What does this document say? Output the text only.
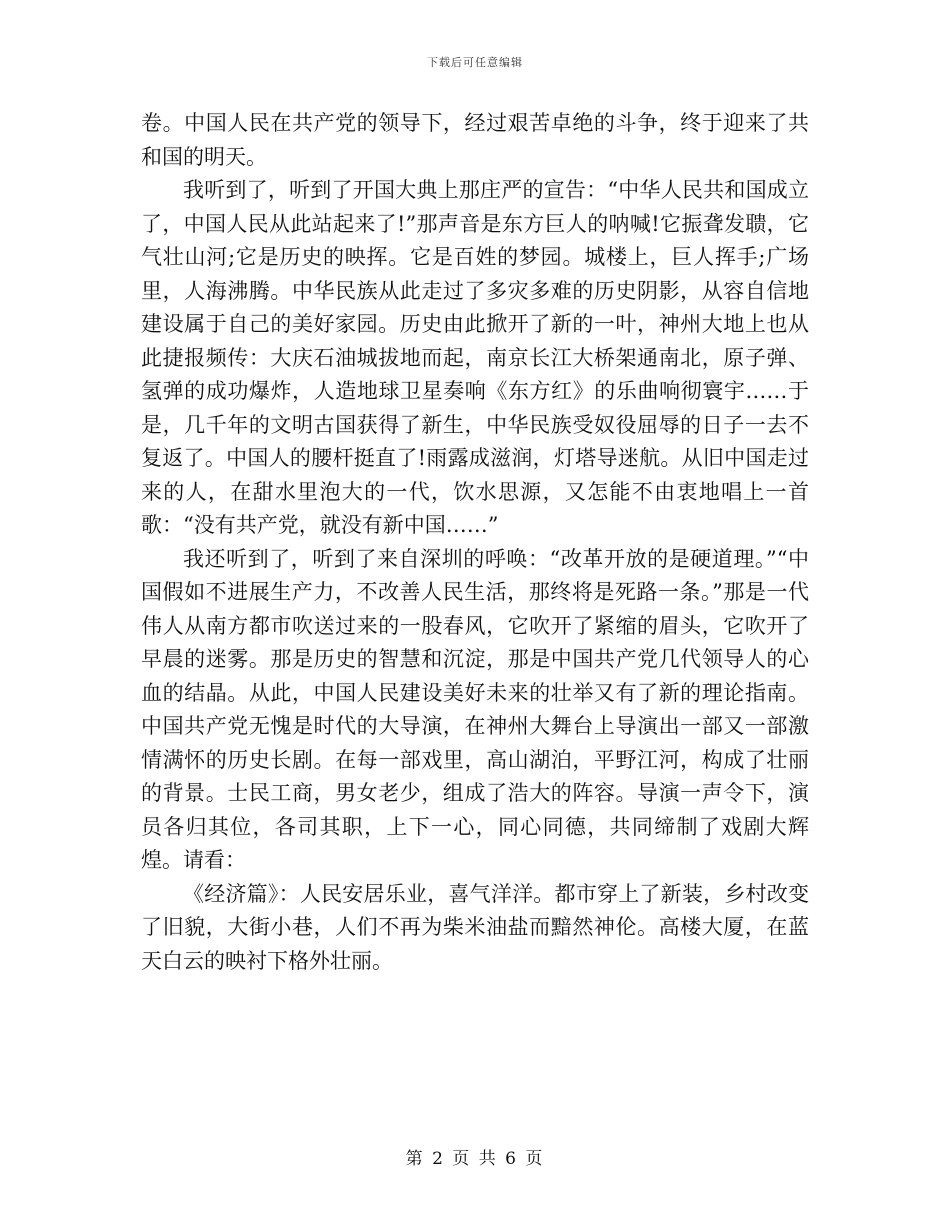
下载后可任意编辑

卷。中国人民在共产党的领导下，经过艰苦卓绝的斗争，终于迎来了共和国的明天。

我听到了，听到了开国大典上那庄严的宣告：“中华人民共和国成立了，中国人民从此站起来了!”那声音是东方巨人的呐喊!它振聋发聩，它气壮山河;它是历史的映挥。它是百姓的梦园。城楼上，巨人挥手;广场里，人海沸腾。中华民族从此走过了多灾多难的历史阴影，从容自信地建设属于自己的美好家园。历史由此掀开了新的一叶，神州大地上也从此捷报频传：大庆石油城拔地而起，南京长江大桥架通南北，原子弹、氢弹的成功爆炸，人造地球卫星奏响《东方红》的乐曲响彻寰宇……于是，几千年的文明古国获得了新生，中华民族受奴役屈辱的日子一去不复返了。中国人的腰杆挺直了!雨露成滋润，灯塔导迷航。从旧中国走过来的人，在甜水里泡大的一代，饮水思源，又怎能不由衷地唱上一首歌：“没有共产党，就没有新中国……”

我还听到了，听到了来自深圳的呼唤：“改革开放的是硬道理。”“中国假如不进展生产力，不改善人民生活，那终将是死路一条。”那是一代伟人从南方都市吹送过来的一股春风，它吹开了紧缩的眉头，它吹开了早晨的迷雾。那是历史的智慧和沉淀，那是中国共产党几代领导人的心血的结晶。从此，中国人民建设美好未来的壮举又有了新的理论指南。中国共产党无愧是时代的大导演，在神州大舞台上导演出一部又一部激情满怀的历史长剧。在每一部戏里，高山湖泊，平野江河，构成了壮丽的背景。士民工商，男女老少，组成了浩大的阵容。导演一声令下，演员各归其位，各司其职，上下一心，同心同德，共同缔制了戏剧大辉煌。请看：

《经济篇》：人民安居乐业，喜气洋洋。都市穿上了新装，乡村改变了旧貌，大街小巷，人们不再为柴米油盐而黯然神伦。高楼大厦，在蓝天白云的映衬下格外壮丽。

第 2 页 共 6 页
